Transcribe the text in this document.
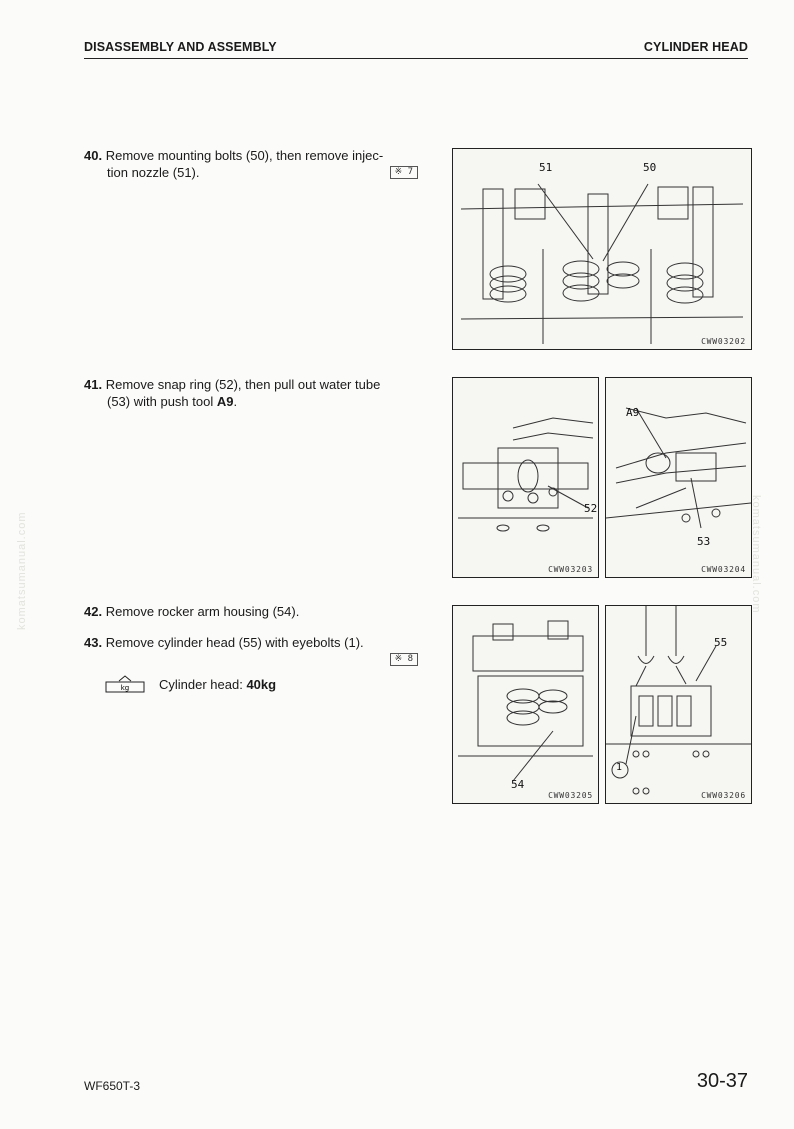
DISASSEMBLY AND ASSEMBLY	CYLINDER HEAD
40. Remove mounting bolts (50), then remove injec-
tion nozzle (51).	※ 7
41. Remove snap ring (52), then pull out water tube
(53) with push tool A9.
42. Remove rocker arm housing (54).
43. Remove cylinder head (55) with eyebolts (1).
※ 8
kg Cylinder head: 40kg
51	50
CWW03202
52
CWW03203
A9
53
CWW03204
54
CWW03205
1
55
CWW03206
komatsumanual.com	komatsumanual.com
WF650T-3	30-37
